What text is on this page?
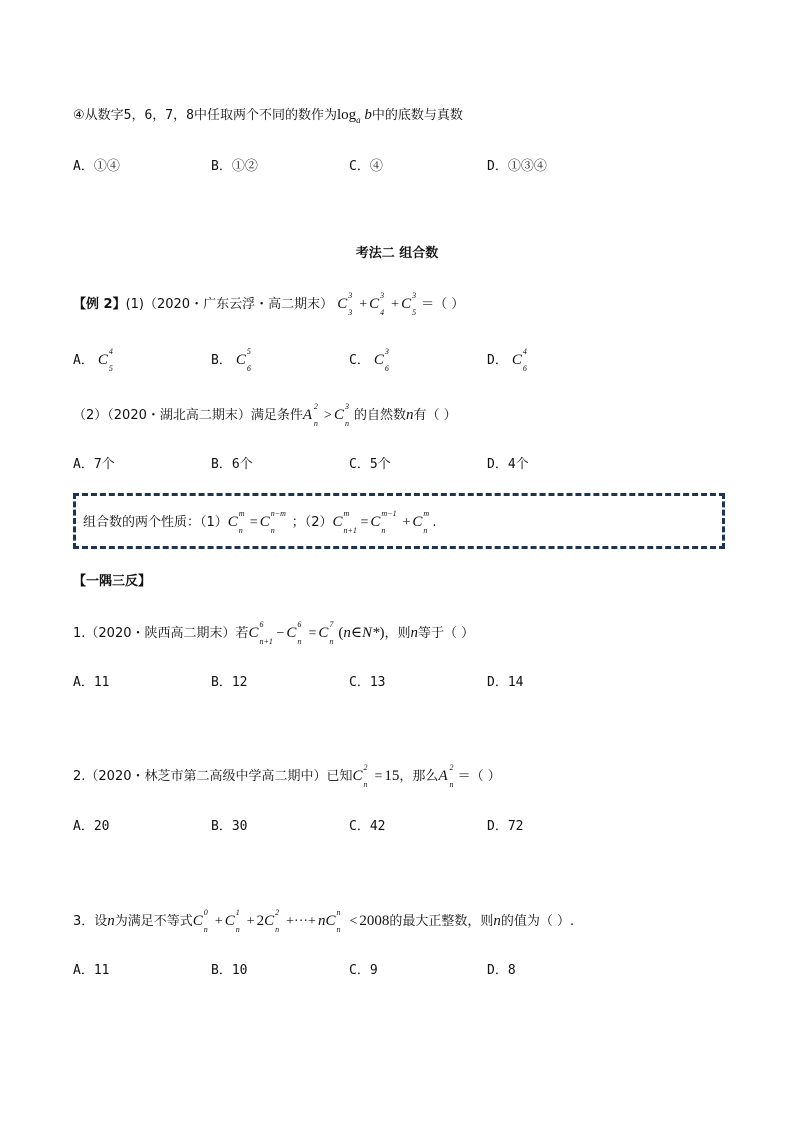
④从数字5，6，7，8中任取两个不同的数作为$\log_a b$中的底数与真数
A．①④	B．①②	C．④	D．①③④
考法二 组合数
【例 2】(1)（2020・广东云浮・高二期末） C
3
3
+ C
3
4
+ C
3
5
＝（ ）
A． C
4
5
B． C
5
6
C． C
3
6
D． C
4
6
（2）（2020・湖北高二期末）满足条件A
2
n
> C
3
n
的自然数n有（ ）
A．7个	B．6个	C．5个	D．4个
组合数的两个性质：（1）C
m
n
= C
n−m
n
；（2）C
m
n+1
= C
m−1
n
+ C
m
n
.
【一隅三反】
1.（2020・陕西高二期末）若C
6
n+1
− C
6
n
= C
7
n
(n∈N*)，则n等于（ ）
A．11	B．12	C．13	D．14
2.（2020・林芝市第二高级中学高二期中）已知C
2
n
= 15，那么A
2
n
＝（ ）
A．20	B．30	C．42	D．72
3．设n为满足不等式C
0
n
+ C
1
n
+ 2C
2
n
+···+ nC
n
n
< 2008的最大正整数，则n的值为（ ）.
A．11	B．10	C．9	D．8
